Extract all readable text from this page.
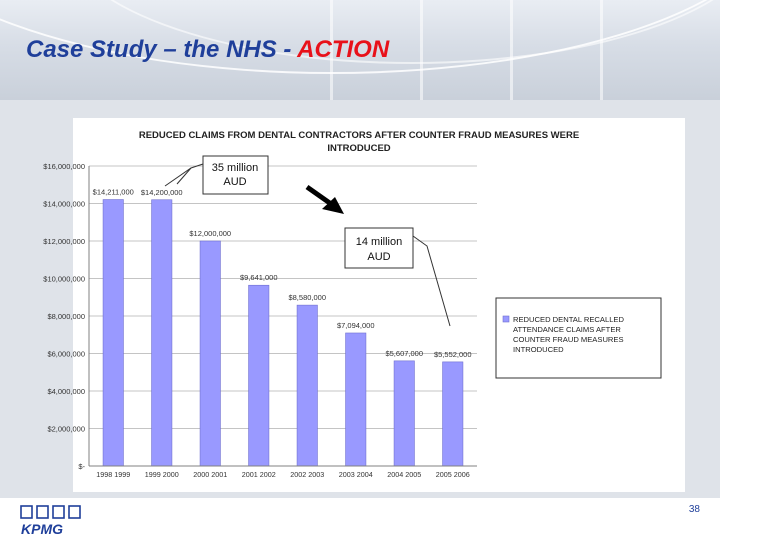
Case Study – the NHS - ACTION
REDUCED CLAIMS FROM DENTAL CONTRACTORS AFTER COUNTER FRAUD MEASURES WERE
INTRODUCED
$-
$2,000,000
$4,000,000
$6,000,000
$8,000,000
$10,000,000
$12,000,000
$14,000,000
$16,000,000
$14,211,000 $14,200,000
$12,000,000
$9,641,000
$8,580,000
$7,094,000
$5,607,000 $5,552,000
1998 1999 1999 2000 2000 2001 2001 2002 2002 2003 2003 2004 2004 2005 2005 2006
35 million
AUD
14 million
AUD
REDUCED DENTAL RECALLED
ATTENDANCE CLAIMS AFTER
COUNTER FRAUD MEASURES
INTRODUCED
KPMG
38
